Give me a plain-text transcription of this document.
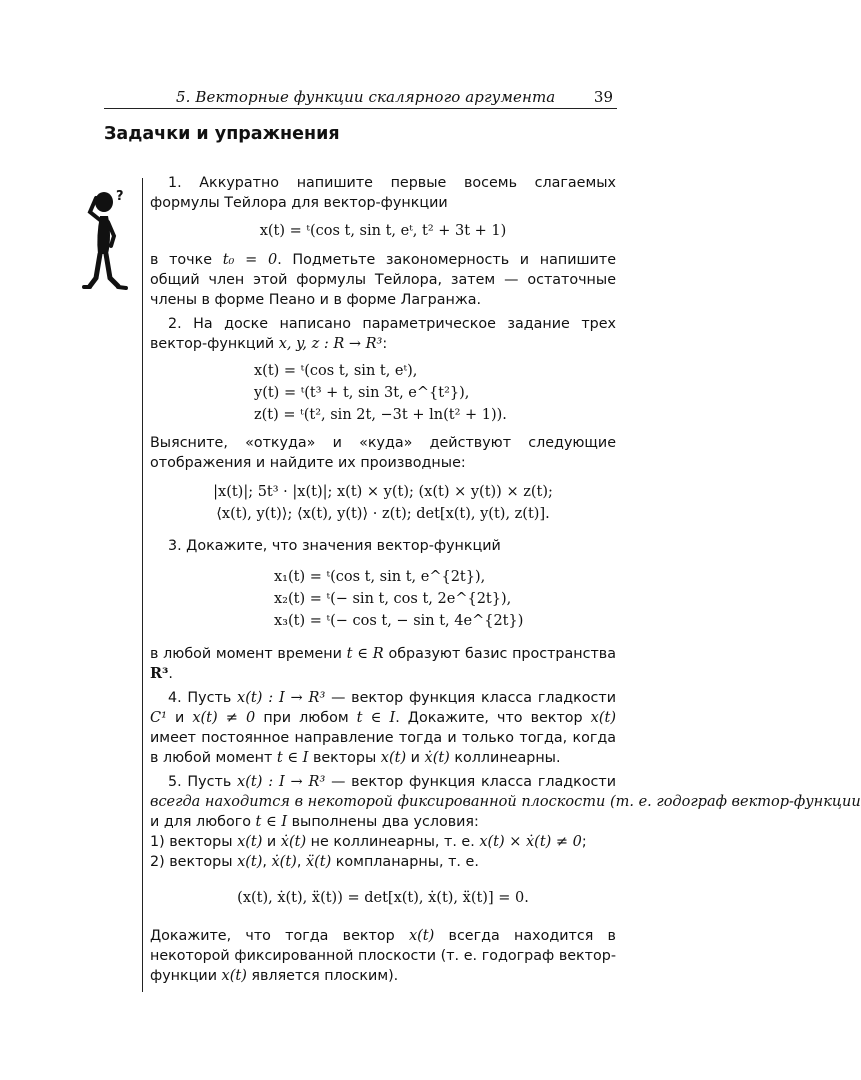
5. Векторные функции скалярного аргумента	39
Задачки и упражнения
?

1. Аккуратно напишите первые восемь слагаемых формулы Тейлора для вектор-функции

x(t) = ᵗ(cos t, sin t, eᵗ, t² + 3t + 1)

в точке t₀ = 0. Подметьте закономерность и напишите общий член этой формулы Тейлора, затем — остаточные члены в форме Пеано и в форме Лагранжа.

2. На доске написано параметрическое задание трех вектор-функций x, y, z : R → R³:

x(t) = ᵗ(cos t, sin t, eᵗ),
y(t) = ᵗ(t³ + t, sin 3t, e^{t²}),
z(t) = ᵗ(t², sin 2t, −3t + ln(t² + 1)).

Выясните, «откуда» и «куда» действуют следующие отображения и найдите их производные:

|x(t)|; 5t³ · |x(t)|; x(t) × y(t); (x(t) × y(t)) × z(t);
⟨x(t), y(t)⟩; ⟨x(t), y(t)⟩ · z(t); det[x(t), y(t), z(t)].

3. Докажите, что значения вектор-функций

x₁(t) = ᵗ(cos t, sin t, e^{2t}),
x₂(t) = ᵗ(− sin t, cos t, 2e^{2t}),
x₃(t) = ᵗ(− cos t, − sin t, 4e^{2t})

в любой момент времени t ∈ R образуют базис пространства R³.

4. Пусть x(t) : I → R³ — вектор функция класса гладкости C¹ и x(t) ≠ 0 при любом t ∈ I. Докажите, что вектор x(t) имеет постоянное направление тогда и только тогда, когда в любой момент t ∈ I векторы x(t) и ẋ(t) коллинеарны.

5. Пусть x(t) : I → R³ — вектор функция класса гладкости всегда находится в некоторой фиксированной плоскости (т. е. годограф вектор-функции и для любого t ∈ I выполнены два условия:

1) векторы x(t) и ẋ(t) не коллинеарны, т. е. x(t) × ẋ(t) ≠ 0;

2) векторы x(t), ẋ(t), ẍ(t) компланарны, т. е.

(x(t), ẋ(t), ẍ(t)) = det[x(t), ẋ(t), ẍ(t)] = 0.

Докажите, что тогда вектор x(t) всегда находится в некоторой фиксированной плоскости (т. е. годограф вектор-функции x(t) является плоским).
